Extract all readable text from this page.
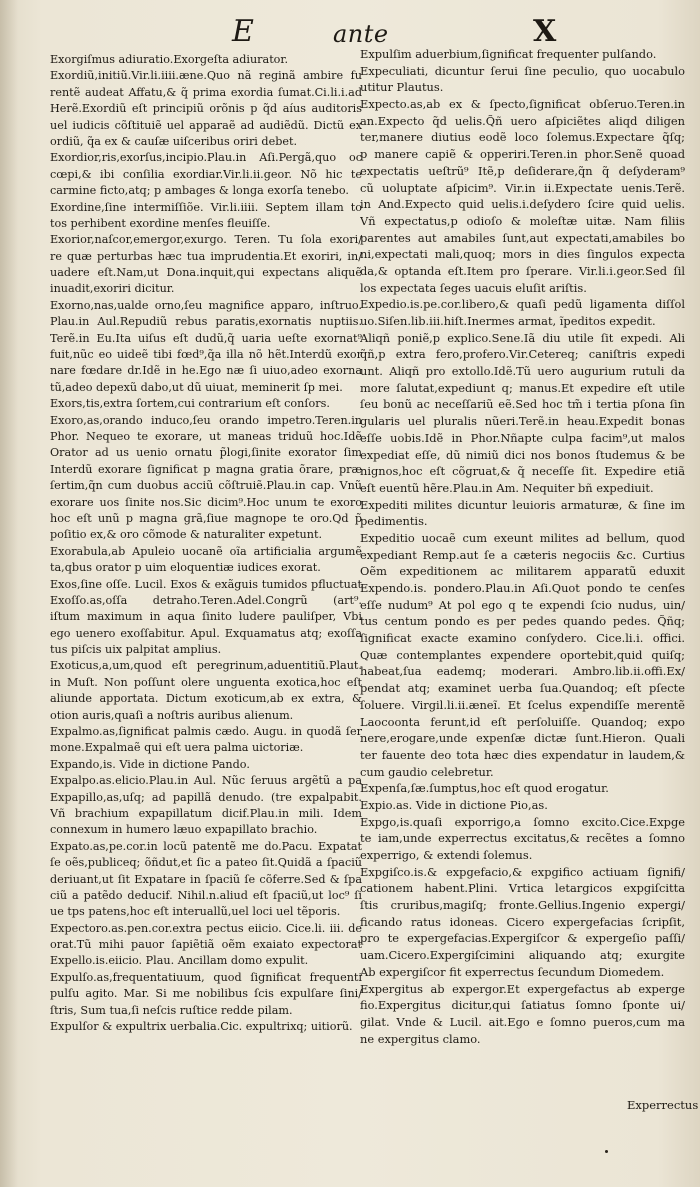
E	ante	X
Exorgiſmus adiuratio.Exorgeſta adiurator.
Exordiũ,initiũ.Vir.li.iiii.æne.Quo nã reginã ambire fu
rentẽ audeat Affatu,& q̃ prima exordia ſumat.Ci.li.i.ad
Herẽ.Exordiũ eſt principiũ orõnis p q̃d aíus auditoris
uel iudicis cõſtituiẽ uel apparaẽ ad audiẽdũ. Dictũ ex
ordiũ, q̃a ex & cauſæ uiſceribus oriri debet.
Exordior,ris,exorſus,incipio.Plau.in Aſi.Pergã,quo oc
cœpi,& ibi conſilia exordiar.Vir.li.ii.geor. Nõ hic te
carmine ficto,atq; p ambages & longa exorſa tenebo.
Exordine,ſine intermiſſiõe. Vir.li.iiii. Septem illam to
tos perhibent exordine menſes fleuiſſe.
Exorior,naſcor,emergor,exurgo. Teren. Tu ſola exori/
re quæ perturbas hæc tua imprudentia.Et exoriri, in/
uadere eſt.Nam,ut Dona.inquit,qui expectans aliquẽ
inuadit,exoriri dicitur.
Exorno,nas,ualde orno,ſeu magnifice apparo, inſtruo.
Plau.in Aul.Repudiũ rebus paratis,exornatis nuptiis.
Terẽ.in Eu.Ita uiſus eſt dudũ,q̃ uaria ueſte exornat⁹
fuit,nũc eo uideẽ tibi fœd⁹,q̃a illa nõ hẽt.Interdũ exor
nare fœdare dr.Idẽ in he.Ego næ ſi uiuo,adeo exorna
tũ,adeo depexũ dabo,ut dũ uiuat, meminerit ſp mei.
Exors,tis,extra ſortem,cui contrarium eſt conſors.
Exoro,as,orando induco,ſeu orando impetro.Teren.in
Phor. Nequeo te exorare, ut maneas triduũ hoc.Idẽ
Orator ad us uenio ornatu p̃logi,ſinite exorator ſim
Interdũ exorare ſignificat p magna gratia õrare, præ
ſertim,q̃n cum duobus acciũ cõſtruiẽ.Plau.in cap. Vnũ
exorare uos ſinite nos.Sic dicim⁹.Hoc unum te exoro
hoc eſt unũ p magna grã,ſiue magnope te oro.Qd p̃
poſitio ex,& oro cõmode & naturaliter expetunt.
Exorabula,ab Apuleio uocanẽ oĩa artificialia argumẽ
ta,qbus orator p uim eloquentiæ iudices exorat.
Exos,ſine oſſe. Lucil. Exos & exãguis tumidos pfluctuat
Exoſſo.as,oſſa detraho.Teren.Adel.Congrũ (art⁹.
iſtum maximum in aqua ſinito ludere pauliſper, Vbi
ego uenero exoſſabitur. Apul. Exquamatus atq; exoſſa
tus piſcis uix palpitat amplius.
Exoticus,a,um,quod eſt peregrinum,aduentitiũ.Plaut.
in Muſt. Non poſſunt olere unguenta exotica,hoc eſt
aliunde apportata. Dictum exoticum,ab ex extra, &
otion auris,quaſi a noſtris auribus alienum.
Expalmo.as,ſignificat palmis cædo. Augu. in quodã ſer
mone.Expalmaẽ qui eſt uera palma uictoriæ.
Expando,is. Vide in dictione Pando.
Expalpo.as.elicio.Plau.in Aul. Nũc ſeruus argẽtũ a pa
Expapillo,as,uſq; ad papillã denudo. (tre expalpabit.
Vñ brachium expapillatum dicif.Plau.in mili. Idem
connexum in humero læuo expapillato brachio.
Expato.as,pe.cor.in locũ patentẽ me do.Pacu. Expatat
ſe oẽs,publiceq; õñdut,et ſic a pateo ſit.Quidã a ſpaciũ
deriuant,ut ſit Expatare in ſpaciũ ſe cõferre.Sed & ſpa
ciũ a patẽdo deducif. Nihil.n.aliud eſt ſpaciũ,ut loc⁹ ſi
ue tps patens,hoc eſt interuallũ,uel loci uel tẽporis.
Expectoro.as.pen.cor.extra pectus eiicio. Cice.li. iii. de
orat.Tũ mihi pauor ſapiẽtiã oẽm exaiato expectorat
Expello.is.eiicio. Plau. Ancillam domo expulit.
Expulſo.as,frequentatiuum, quod ſignificat frequenti
pulſu agito. Mar. Si me nobilibus ſcis expulſare ſini/
ſtris, Sum tua,ſi neſcis ruſtice redde pilam.
Expulſor & expultrix uerbalia.Cic. expultrixq; uitiorũ.
Expulſim aduerbium,ſignificat frequenter pulſando.
Expeculiati, dicuntur ſerui ſine peculio, quo uocabulo
utitur Plautus.
Expecto.as,ab ex & ſpecto,ſignificat obſeruo.Teren.in
an.Expecto q̃d uelis.Q̃ñ uero aſpiciẽtes aliqd diligen
ter,manere diutius eodẽ loco ſolemus.Expectare q̃ſq;
p manere capiẽ & opperiri.Teren.in phor.Senẽ quoad
expectatis ueſtrũ⁹ Itẽ,p deſiderare,q̃n q̃ deſyderam⁹
cũ uoluptate aſpicim⁹. Vir.in ii.Expectate uenis.Terẽ.
in And.Expecto quid uelis.i.deſydero ſcire quid uelis.
Vñ expectatus,p odioſo & moleſtæ uitæ. Nam filiis
parentes aut amabiles ſunt,aut expectati,amabiles bo
ni,expectati mali,quoq; mors in dies ſingulos expecta
da,& optanda eſt.Item pro ſperare. Vir.li.i.geor.Sed ſil
los expectata ſeges uacuis eluſit ariſtis.
Expedio.is.pe.cor.libero,& quaſi pedũ ligamenta diſſol
uo.Siſen.lib.iii.hiſt.Inermes armat, ĩpeditos expedit.
Aliqñ poniẽ,p explico.Sene.Iã diu utile ſit expedi. Ali
q̃ñ,p extra fero,profero.Vir.Cetereq; caniſtris expedi
unt. Aliqñ pro extollo.Idẽ.Tũ uero augurium rutuli da
more ſalutat,expediunt q; manus.Et expedire eſt utile
ſeu bonũ ac neceſſariũ eẽ.Sed hoc tm̃ i tertia pſona ſin
gularis uel pluralis nũeri.Terẽ.in heau.Expedit bonas
eſſe uobis.Idẽ in Phor.Nñapte culpa facim⁹,ut malos
expediat eſſe, dũ nimiũ dici nos bonos ſtudemus & be
nignos,hoc eſt cõgruat,& q̃ neceſſe ſit. Expedire etiã
eſt euentũ hẽre.Plau.in Am. Nequiter bñ expediuit.
Expediti milites dicuntur leuioris armaturæ, & ſine im
pedimentis.
Expeditio uocaẽ cum exeunt milites ad bellum, quod
expediant Remp.aut ſe a cæteris negociis &c. Curtius
Oẽm expeditionem ac militarem apparatũ eduxit
Expendo.is. pondero.Plau.in Aſi.Quot pondo te cenſes
eſſe nudum⁹ At pol ego q te expendi ſcio nudus, uin/
tus centum pondo es per pedes quando pedes. Q̃ñq;
ſignificat exacte examino conſydero. Cice.li.i. offici.
Quæ contemplantes expendere oportebit,quid quiſq;
habeat,ſua eademq; moderari. Ambro.lib.ii.offi.Ex/
pendat atq; examinet uerba ſua.Quandoq; eſt pſecte
ſoluere. Virgil.li.ii.æneĩ. Et ſcelus expendiſſe merentẽ
Laocoonta ferunt,id eſt perſoluiſſe. Quandoq; expo
nere,erogare,unde expenſæ dictæ ſunt.Hieron. Quali
ter fauente deo tota hæc dies expendatur in laudem,&
cum gaudio celebretur.
Expenſa,ſæ.ſumptus,hoc eſt quod erogatur.
Expio.as. Vide in dictione Pio,as.
Expgo,is.quaſi exporrigo,a ſomno excito.Cice.Expge
te iam,unde experrectus excitatus,& recẽtes a ſomno
experrigo, & extendi ſolemus.
Expgiſco.is.& expgefacio,& expgifico actiuam ſignifi/
cationem habent.Plini. Vrtica letargicos expgiſcitta
ſtis cruribus,magiſq; fronte.Gellius.Ingenio expergi/
ficando ratus idoneas. Cicero expergefacias ſcripſit,
pro te expergefacias.Expergiſcor & expergeſio paſſi/
uam.Cicero.Expergiſcimini aliquando atq; exurgite
Ab expergiſcor fit experrectus ſecundum Diomedem.
Expergitus ab expergor.Et expergefactus ab experge
fio.Expergitus dicitur,qui ſatiatus ſomno ſponte ui/
gilat. Vnde & Lucil. ait.Ego e ſomno pueros,cum ma
ne expergitus clamo.
Experrectus
